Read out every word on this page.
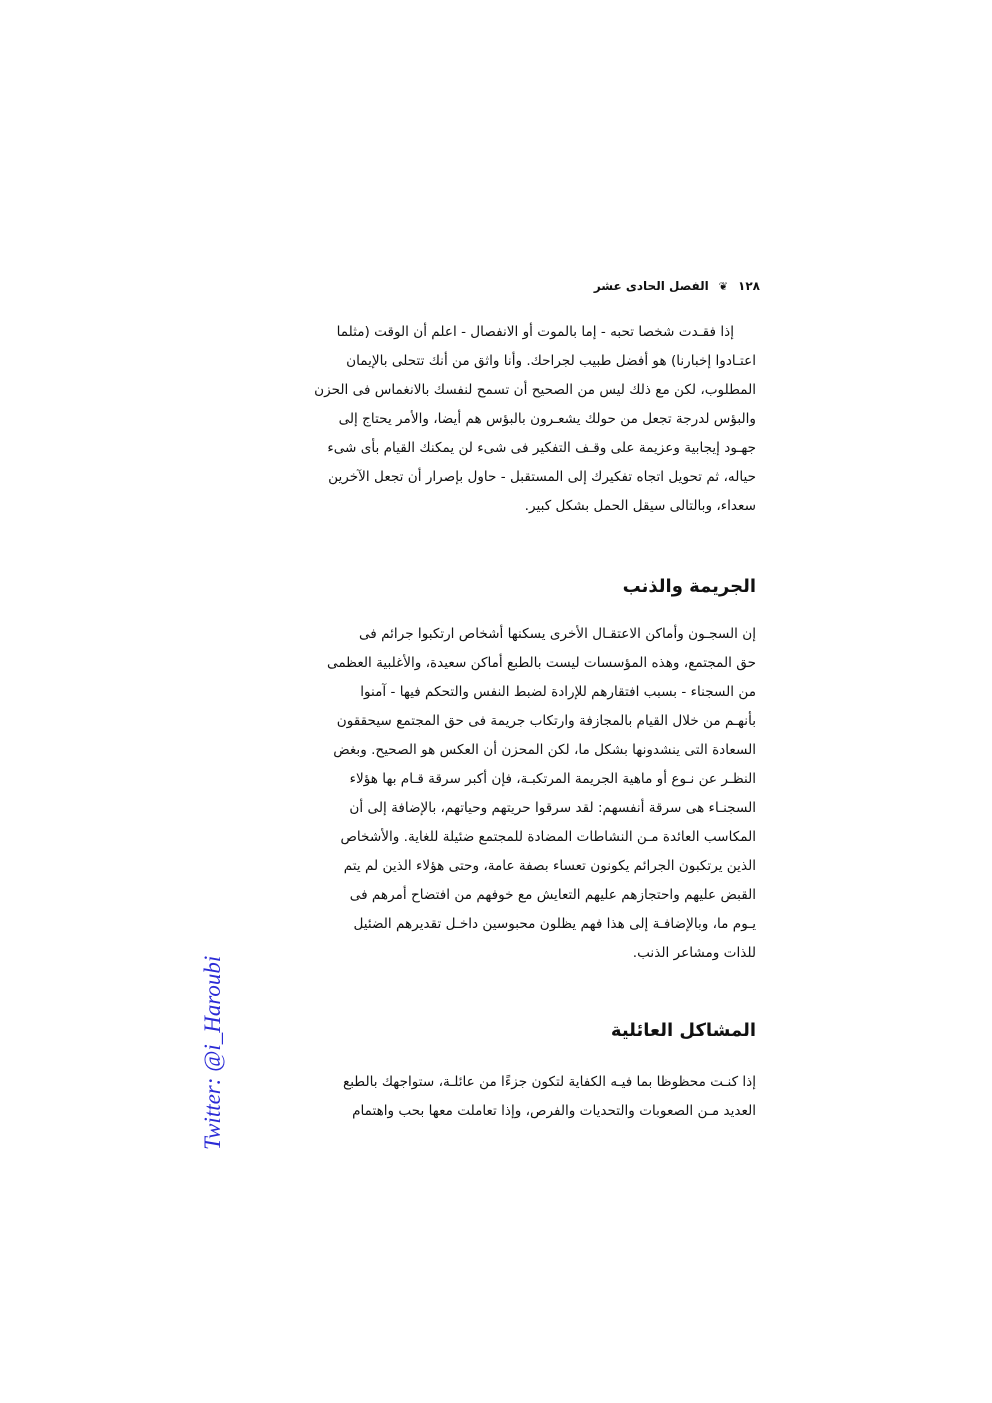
١٢٨
❦
الفصل الحادى عشر

إذا فقـدت شخصا تحبه - إما بالموت أو الانفصال - اعلم أن الوقت (مثلما

اعتـادوا إخبارنا) هو أفضل طبيب لجراحك. وأنا واثق من أنك تتحلى بالإيمان

المطلوب، لكن مع ذلك ليس من الصحيح أن تسمح لنفسك بالانغماس فى الحزن

والبؤس لدرجة تجعل من حولك يشعـرون بالبؤس هم أيضا، والأمر يحتاج إلى

جهـود إيجابية وعزيمة على وقـف التفكير فى شىء لن يمكنك القيام بأى شىء

حياله، ثم تحويل اتجاه تفكيرك إلى المستقبل - حاول بإصرار أن تجعل الآخرين

سعداء، وبالتالى سيقل الحمل بشكل كبير.

الجريمة والذنب

إن السجـون وأماكن الاعتقـال الأخرى يسكنها أشخاص ارتكبوا جرائم فى

حق المجتمع، وهذه المؤسسات ليست بالطبع أماكن سعيدة، والأغلبية العظمى

من السجناء - بسبب افتقارهم للإرادة لضبط النفس والتحكم فيها - آمنوا

بأنهـم من خلال القيام بالمجازفة وارتكاب جريمة فى حق المجتمع سيحققون

السعادة التى ينشدونها بشكل ما، لكن المحزن أن العكس هو الصحيح. وبغض

النظـر عن نـوع أو ماهية الجريمة المرتكبـة، فإن أكبر سرقة قـام بها هؤلاء

السجنـاء هى سرقة أنفسهم: لقد سرقوا حريتهم وحياتهم، بالإضافة إلى أن

المكاسب العائدة مـن النشاطات المضادة للمجتمع ضئيلة للغاية. والأشخاص

الذين يرتكبون الجرائم يكونون تعساء بصفة عامة، وحتى هؤلاء الذين لم يتم

القبض عليهم واحتجازهم عليهم التعايش مع خوفهم من افتضاح أمرهم فى

يـوم ما، وبالإضافـة إلى هذا فهم يظلون محبوسين داخـل تقديرهم الضئيل

للذات ومشاعر الذنب.

المشاكل العائلية

إذا كنـت محظوظا بما فيـه الكفاية لتكون جزءًا من عائلـة، ستواجهك بالطبع

العديد مـن الصعوبات والتحديات والفرص، وإذا تعاملت معها بحب واهتمام

Twitter: @i_Haroubi
